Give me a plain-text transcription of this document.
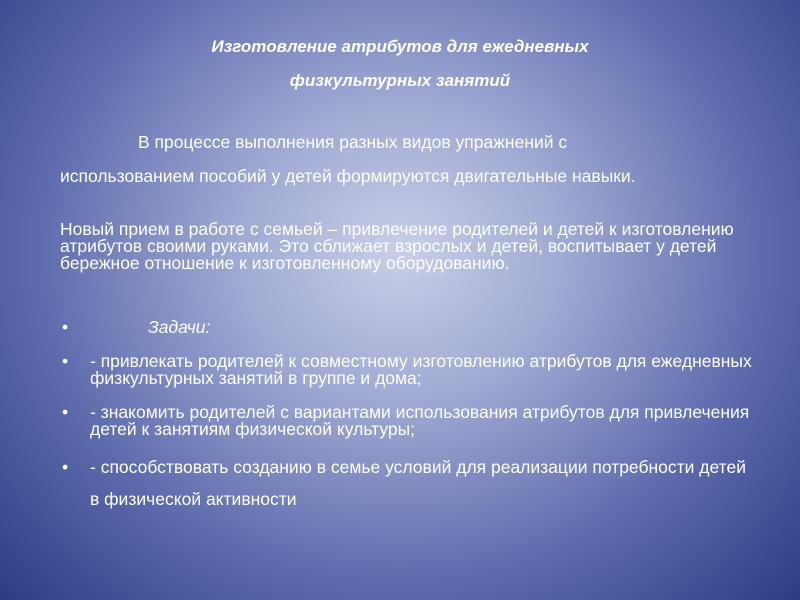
Изготовление атрибутов для ежедневных
физкультурных занятий
В процессе выполнения разных видов упражнений с
использованием пособий у детей формируются двигательные навыки.
Новый прием в работе с семьей – привлечение родителей и детей к изготовлению атрибутов своими руками. Это сближает взрослых и детей, воспитывает у детей бережное отношение к изготовленному оборудованию.
•	Задачи:
• - привлекать родителей к совместному изготовлению атрибутов для ежедневных физкультурных занятий в группе и дома;
• - знакомить родителей с вариантами использования атрибутов для привлечения детей к занятиям физической культуры;
• - способствовать созданию в семье условий для реализации потребности детей в физической активности
